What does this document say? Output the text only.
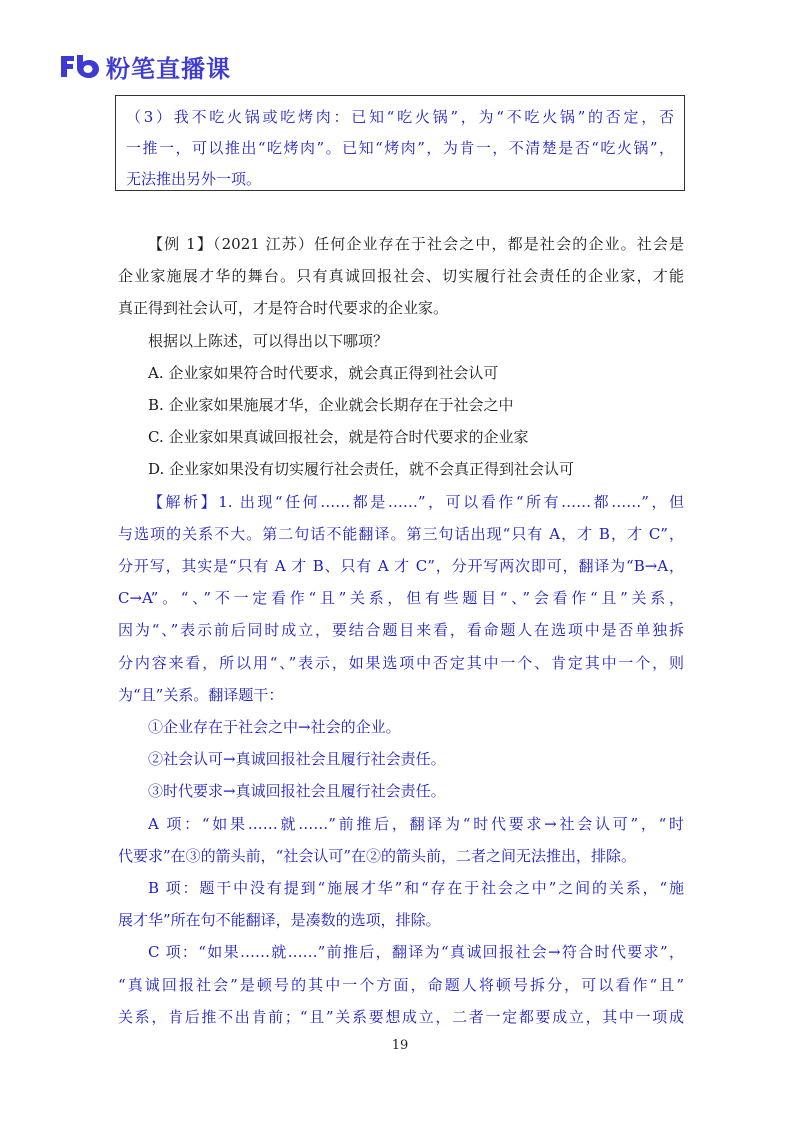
粉笔直播课

（3）我不吃火锅或吃烤肉：已知“吃火锅”，为“不吃火锅”的否定，否

一推一，可以推出“吃烤肉”。已知“烤肉”，为肯一，不清楚是否“吃火锅”，

无法推出另外一项。

【例 1】（2021 江苏）任何企业存在于社会之中，都是社会的企业。社会是

企业家施展才华的舞台。只有真诚回报社会、切实履行社会责任的企业家，才能

真正得到社会认可，才是符合时代要求的企业家。

根据以上陈述，可以得出以下哪项？

A. 企业家如果符合时代要求，就会真正得到社会认可

B. 企业家如果施展才华，企业就会长期存在于社会之中

C. 企业家如果真诚回报社会，就是符合时代要求的企业家

D. 企业家如果没有切实履行社会责任，就不会真正得到社会认可

【解析】1. 出现“任何……都是……”，可以看作“所有……都……”，但

与选项的关系不大。第二句话不能翻译。第三句话出现“只有 A，才 B，才 C”，

分开写，其实是“只有 A 才 B、只有 A 才 C”，分开写两次即可，翻译为“B→A，

C→A”。“、”不一定看作“且”关系，但有些题目“、”会看作“且”关系，

因为“、”表示前后同时成立，要结合题目来看，看命题人在选项中是否单独拆

分内容来看，所以用“、”表示，如果选项中否定其中一个、肯定其中一个，则

为“且”关系。翻译题干：

①企业存在于社会之中→社会的企业。

②社会认可→真诚回报社会且履行社会责任。

③时代要求→真诚回报社会且履行社会责任。

A 项：“如果……就……”前推后，翻译为“时代要求→社会认可”，“时

代要求”在③的箭头前，“社会认可”在②的箭头前，二者之间无法推出，排除。

B 项：题干中没有提到“施展才华”和“存在于社会之中”之间的关系，“施

展才华”所在句不能翻译，是凑数的选项，排除。

C 项：“如果……就……”前推后，翻译为“真诚回报社会→符合时代要求”，

“真诚回报社会”是顿号的其中一个方面，命题人将顿号拆分，可以看作“且”

关系，肯后推不出肯前；“且”关系要想成立，二者一定都要成立，其中一项成

19
